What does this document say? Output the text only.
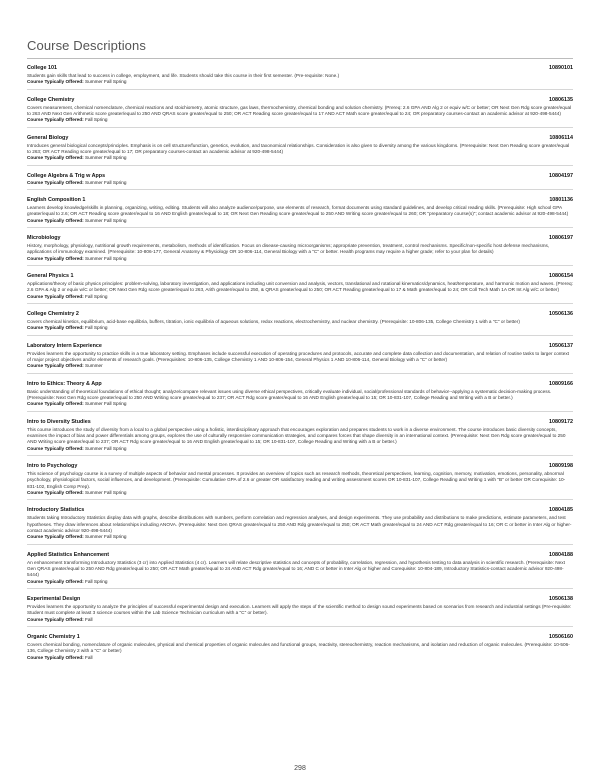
Course Descriptions
College 101	10890101
Students gain skills that lead to success in college, employment, and life. Students should take this course in their first semester. (Pre-requisite: None.)
Course Typically Offered: Summer Fall Spring
College Chemistry	10806135
Covers measurement, chemical nomenclature, chemical reactions and stoichiometry, atomic structure, gas laws, thermochemistry, chemical bonding and solution chemistry. (Prereq: 2.6 GPA AND Alg 2 or equiv w/C or better; OR Next Gen Rdg score greater/equal to 263 AND Next Gen Arithmetic score greater/equal to 250 AND QRAS score greater/equal to 250; OR ACT Reading score greater/equal to 17 AND ACT Math score greater/equal to 24; OR preparatory courses-contact an academic advisor at 920-498-5444)
Course Typically Offered: Fall Spring
General Biology	10806114
Introduces general biological concepts/principles. Emphasis is on cell structure/function, genetics, evolution, and taxonomical relationships. Consideration is also given to diversity among the various kingdoms. (Prerequisite: Next Gen Reading score greater/equal to 263; OR ACT Reading score greater/equal to 17; OR preparatory courses-contact an academic advisor at 920-498-5444)
Course Typically Offered: Summer Fall Spring
College Algebra & Trig w Apps	10804197
Course Typically Offered: Summer Fall Spring
English Composition 1	10801136
Learners develop knowledge/skills in planning, organizing, writing, editing. Students will also analyze audience/purpose, use elements of research, format documents using standard guidelines, and develop critical reading skills. (Prerequisite: High school GPA greater/equal to 2.6; OR ACT Reading score greater/equal to 16 AND English greater/equal to 18; OR Next Gen Reading score greater/equal to 250 AND Writing score greater/equal to 260; OR "preparatory course(s)"; contact academic advisor at 920-498-5444)
Course Typically Offered: Summer Fall Spring
Microbiology	10806197
History, morphology, physiology, nutritional growth requirements, metabolism, methods of identification. Focus on disease-causing microorganisms; appropriate prevention, treatment, control mechanisms. Specific/non-specific host defense mechanisms, applications of immunology examined. (Prerequisite: 10-806-177, General Anatomy & Physiology OR 10-806-114, General Biology with a "C" or better. Health programs may require a higher grade; refer to your plan for details)
Course Typically Offered: Summer Fall Spring
General Physics 1	10806154
Applications/theory of basic physics principles: problem-solving, laboratory investigation, and applications including unit conversion and analysis, vectors, translational and rotational kinematics/dynamics, heat/temperature, and harmonic motion and waves. (Prereq: 2.6 GPA & Alg 2 or equiv w/C or better; OR Next Gen Rdg score greater/equal to 263, Arith greater/equal to 250, & QRAS greater/equal to 250; OR ACT Reading greater/equal to 17 & Math greater/equal to 24; OR Coll Tech Math 1A OR Int Alg w/C or better)
Course Typically Offered: Fall Spring
College Chemistry 2	10506136
Covers chemical kinetics, equilibrium, acid-base equilibria, buffers, titration, ionic equilibria of aqueous solutions, redox reactions, electrochemistry, and nuclear chemistry. (Prerequisite: 10-806-135, College Chemistry 1 with a "C" or better)
Course Typically Offered: Fall Spring
Laboratory Intern Experience	10506137
Provides learners the opportunity to practice skills in a true laboratory setting. Emphases include successful execution of operating procedures and protocols, accurate and complete data collection and documentation, and relation of routine tasks to larger context of major project objectives and/or elements of research goals. (Prerequisites: 10-806-135, College Chemistry 1 AND 10-806-154, General Physics 1 AND 10-806-114, General Biology with a "C" or better)
Course Typically Offered: Summer
Intro to Ethics: Theory & App	10809166
Basic understanding of theoretical foundations of ethical thought; analyze/compare relevant issues using diverse ethical perspectives, critically evaluate individual, social/professional standards of behavior--applying a systematic decision-making process. (Prerequisite: Next Gen Rdg score greater/equal to 250 AND Writing score greater/equal to 237; OR ACT Rdg score greater/equal to 16 AND English greater/equal to 15; OR 10-831-107, College Reading and Writing with a B or better.)
Course Typically Offered: Summer Fall Spring
Intro to Diversity Studies	10809172
This course introduces the study of diversity from a local to a global perspective using a holistic, interdisciplinary approach that encourages exploration and prepares students to work in a diverse environment. The course introduces basic diversity concepts, examines the impact of bias and power differentials among groups, explores the use of culturally responsive communication strategies, and compares forces that shape diversity in an international context. (Prerequisite: Next Gen Rdg score greater/equal to 250 AND Writing score greater/equal to 237; OR ACT Rdg score greater/equal to 16 AND English greater/equal to 15; OR 10-831-107, College Reading and Writing with a B or better.)
Course Typically Offered: Summer Fall Spring
Intro to Psychology	10809198
This science of psychology course is a survey of multiple aspects of behavior and mental processes. It provides an overview of topics such as research methods, theoretical perspectives, learning, cognition, memory, motivation, emotions, personality, abnormal psychology, physiological factors, social influences, and development. (Prerequisite: Cumulative GPA of 2.6 or greater OR satisfactory reading and writing assessment scores OR 10-831-107, College Reading and Writing 1 with "B" or better OR Corequisite: 10-831-102, English Comp Prep).
Course Typically Offered: Summer Fall Spring
Introductory Statistics	10804185
Students taking Introductory Statistics display data with graphs, describe distributions with numbers, perform correlation and regression analyses, and design experiments. They use probability and distributions to make predictions, estimate parameters, and test hypotheses. They draw inferences about relationships including ANOVA. (Prerequisite: Next Gen QRAS greater/equal to 250 AND Rdg greater/equal to 250; OR ACT Math greater/equal to 24 AND ACT Rdg greater/equal to 16; OR C or better in Inter Alg or higher-contact academic advisor 920-498-5444)
Course Typically Offered: Summer Fall Spring
Applied Statistics Enhancement	10804188
An enhancement transforming Introductory Statistics (3 cr) into Applied Statistics (4 cr). Learners will relate descriptive statistics and concepts of probability, correlation, regression, and hypothesis testing to data analysis in scientific research. (Prerequisite: Next Gen QRAS greater/equal to 250 AND Rdg greater/equal to 250; OR ACT Math greater/equal to 24 AND ACT Rdg greater/equal to 16; AND C or better in Inter Alg or higher and Corequisite: 10-804-189, Introductory Statistics-contact academic advisor 920-498-5444)
Course Typically Offered: Fall Spring
Experimental Design	10506138
Provides learners the opportunity to analyze the principles of successful experimental design and execution. Learners will apply the steps of the scientific method to design sound experiments based on scenarios from research and industrial settings (Pre-requisite: Student must complete at least 3 science courses within the Lab Science Technician curriculum with a "C" or better).
Course Typically Offered: Fall
Organic Chemistry 1	10506160
Covers chemical bonding, nomenclature of organic molecules, physical and chemical properties of organic molecules and functional groups, reactivity, stereochemistry, reaction mechanisms, and isolation and reduction of organic molecules. (Prerequisite: 10-506-136, College Chemistry 2 with a "C" or better)
Course Typically Offered: Fall
298
